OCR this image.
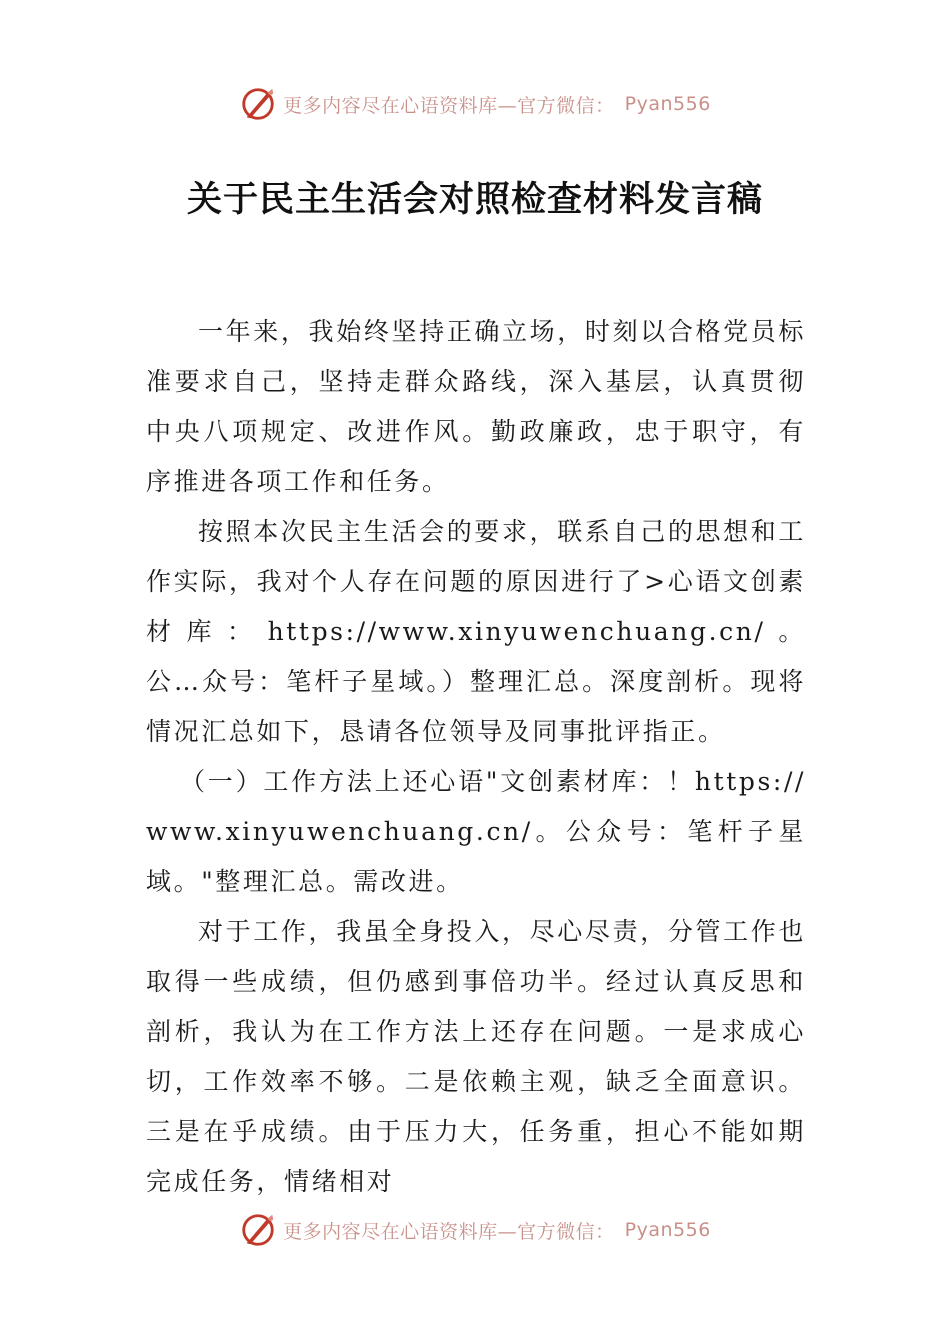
更多内容尽在心语资料库—官方微信： Pyan556
关于民主生活会对照检查材料发言稿

一年来，我始终坚持正确立场，时刻以合格党员标准要求自己，坚持走群众路线，深入基层，认真贯彻中央八项规定、改进作风。勤政廉政，忠于职守，有序推进各项工作和任务。

按照本次民主生活会的要求，联系自己的思想和工作实际，我对个人存在问题的原因进行了>心语文创素材库：https://www.xinyuwenchuang.cn/。公…众号：笔杆子星域。）整理汇总。深度剖析。现将情况汇总如下，恳请各位领导及同事批评指正。

（一）工作方法上还心语"文创素材库：！https://www.xinyuwenchuang.cn/。公众号：笔杆子星域。"整理汇总。需改进。

对于工作，我虽全身投入，尽心尽责，分管工作也取得一些成绩，但仍感到事倍功半。经过认真反思和剖析，我认为在工作方法上还存在问题。一是求成心切，工作效率不够。二是依赖主观，缺乏全面意识。三是在乎成绩。由于压力大，任务重，担心不能如期完成任务，情绪相对

更多内容尽在心语资料库—官方微信： Pyan556
